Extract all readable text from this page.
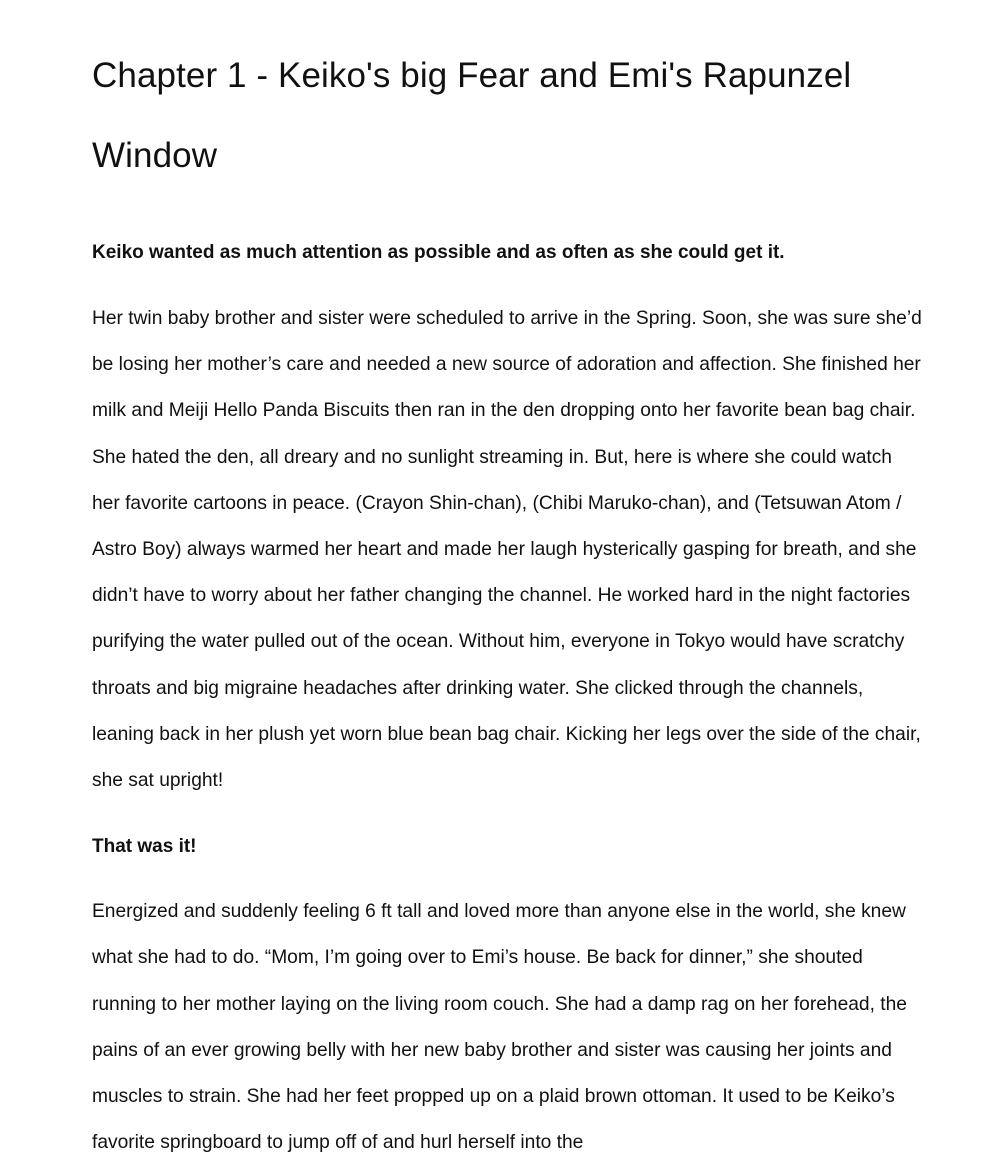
Chapter 1 - Keiko's big Fear and Emi's Rapunzel Window

Keiko wanted as much attention as possible and as often as she could get it.

Her twin baby brother and sister were scheduled to arrive in the Spring. Soon, she was sure she’d be losing her mother’s care and needed a new source of adoration and affection. She finished her milk and Meiji Hello Panda Biscuits then ran in the den dropping onto her favorite bean bag chair. She hated the den, all dreary and no sunlight streaming in. But, here is where she could watch her favorite cartoons in peace. (Crayon Shin-chan), (Chibi Maruko-chan), and (Tetsuwan Atom / Astro Boy) always warmed her heart and made her laugh hysterically gasping for breath, and she didn’t have to worry about her father changing the channel. He worked hard in the night factories purifying the water pulled out of the ocean. Without him, everyone in Tokyo would have scratchy throats and big migraine headaches after drinking water. She clicked through the channels, leaning back in her plush yet worn blue bean bag chair. Kicking her legs over the side of the chair, she sat upright!

That was it!

Energized and suddenly feeling 6 ft tall and loved more than anyone else in the world, she knew what she had to do. “Mom, I’m going over to Emi’s house. Be back for dinner,” she shouted running to her mother laying on the living room couch. She had a damp rag on her forehead, the pains of an ever growing belly with her new baby brother and sister was causing her joints and muscles to strain. She had her feet propped up on a plaid brown ottoman. It used to be Keiko’s favorite springboard to jump off of and hurl herself into the
